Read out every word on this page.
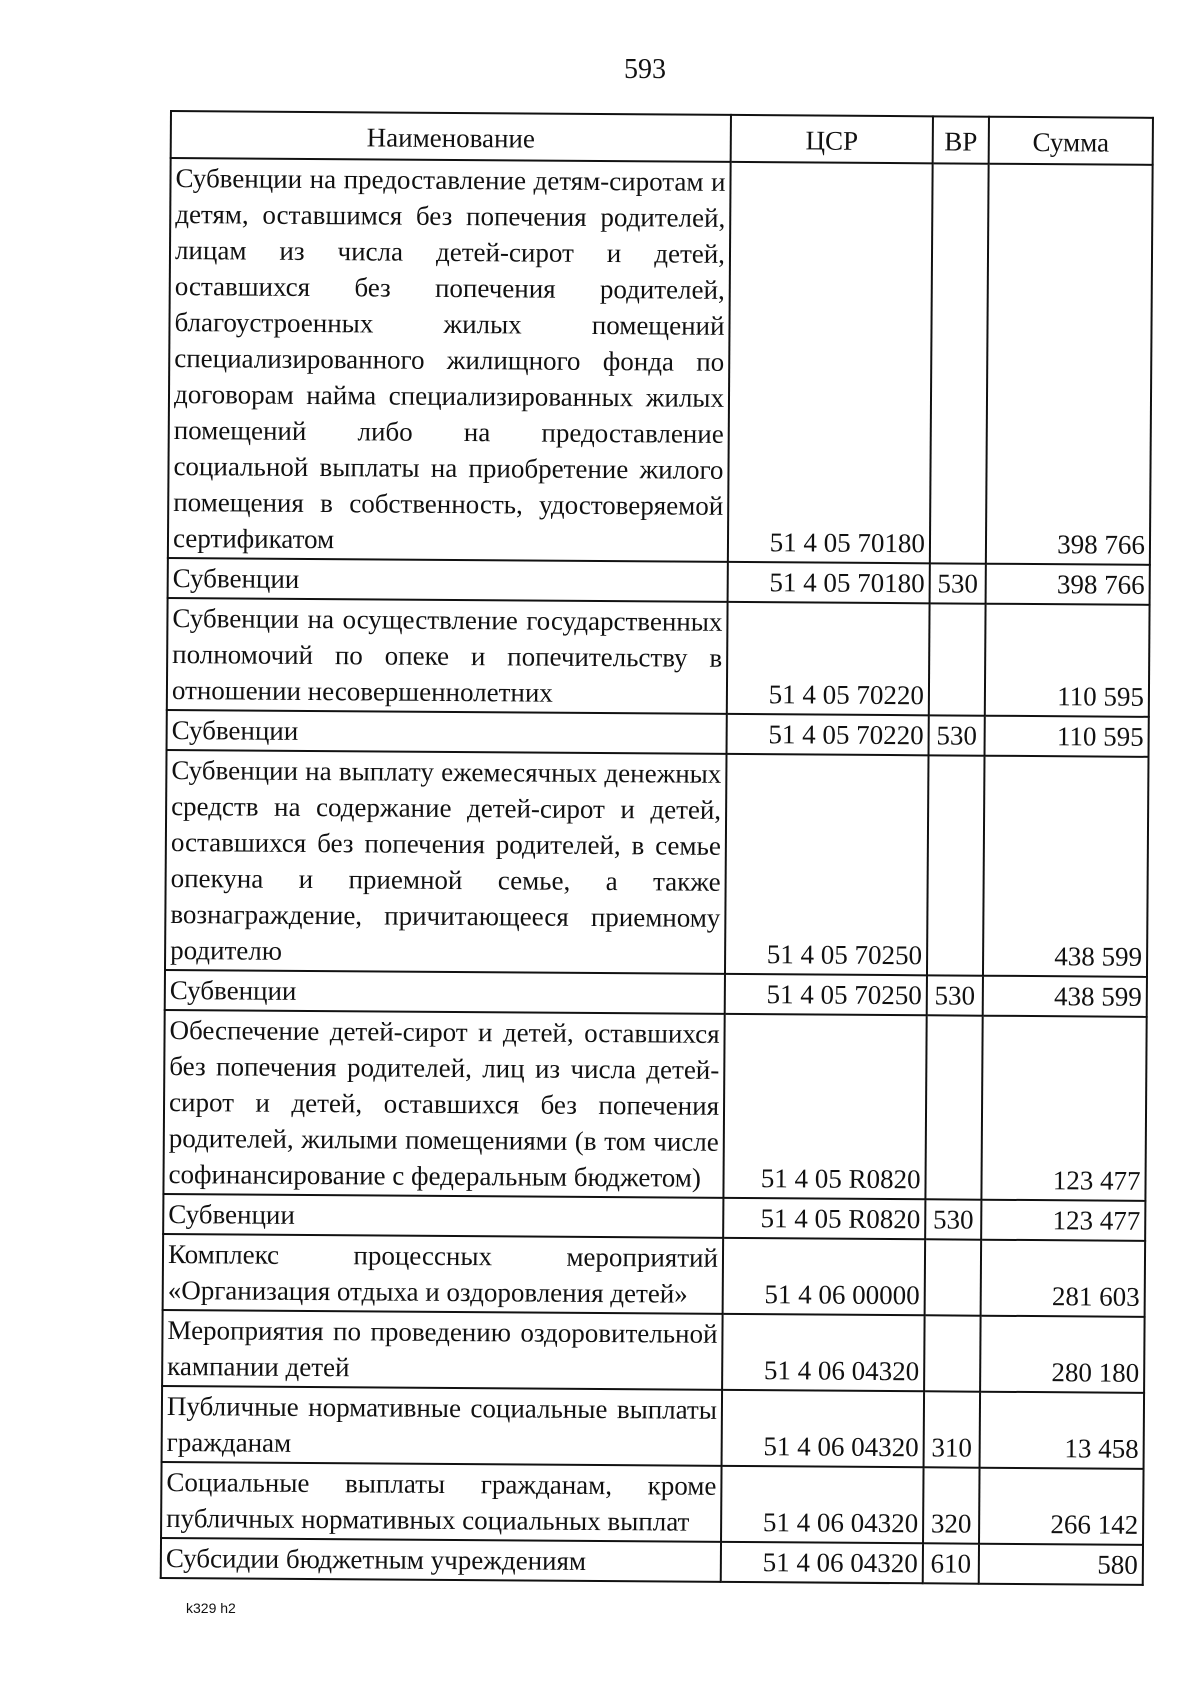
593
Наименование	ЦСР	ВР	Сумма
Субвенции на предоставление детям-сиротам и детям, оставшимся без попечения родителей, лицам из числа детей-сирот и детей, оставшихся без попечения родителей, благоустроенных жилых помещений специализированного жилищного фонда по договорам найма специализированных жилых помещений либо на предоставление социальной выплаты на приобретение жилого помещения в собственность, удостоверяемой сертификатом	51 4 05 70180		398 766
Субвенции	51 4 05 70180	530	398 766
Субвенции на осуществление государственных полномочий по опеке и попечительству в отношении несовершеннолетних	51 4 05 70220		110 595
Субвенции	51 4 05 70220	530	110 595
Субвенции на выплату ежемесячных денежных средств на содержание детей-сирот и детей, оставшихся без попечения родителей, в семье опекуна и приемной семье, а также вознаграждение, причитающееся приемному родителю	51 4 05 70250		438 599
Субвенции	51 4 05 70250	530	438 599
Обеспечение детей-сирот и детей, оставшихся без попечения родителей, лиц из числа детей-сирот и детей, оставшихся без попечения родителей, жилыми помещениями (в том числе софинансирование с федеральным бюджетом)	51 4 05 R0820		123 477
Субвенции	51 4 05 R0820	530	123 477
Комплекс процессных мероприятий «Организация отдыха и оздоровления детей»	51 4 06 00000		281 603
Мероприятия по проведению оздоровительной кампании детей	51 4 06 04320		280 180
Публичные нормативные социальные выплаты гражданам	51 4 06 04320	310	13 458
Социальные выплаты гражданам, кроме публичных нормативных социальных выплат	51 4 06 04320	320	266 142
Субсидии бюджетным учреждениям	51 4 06 04320	610	580
k329 h2
